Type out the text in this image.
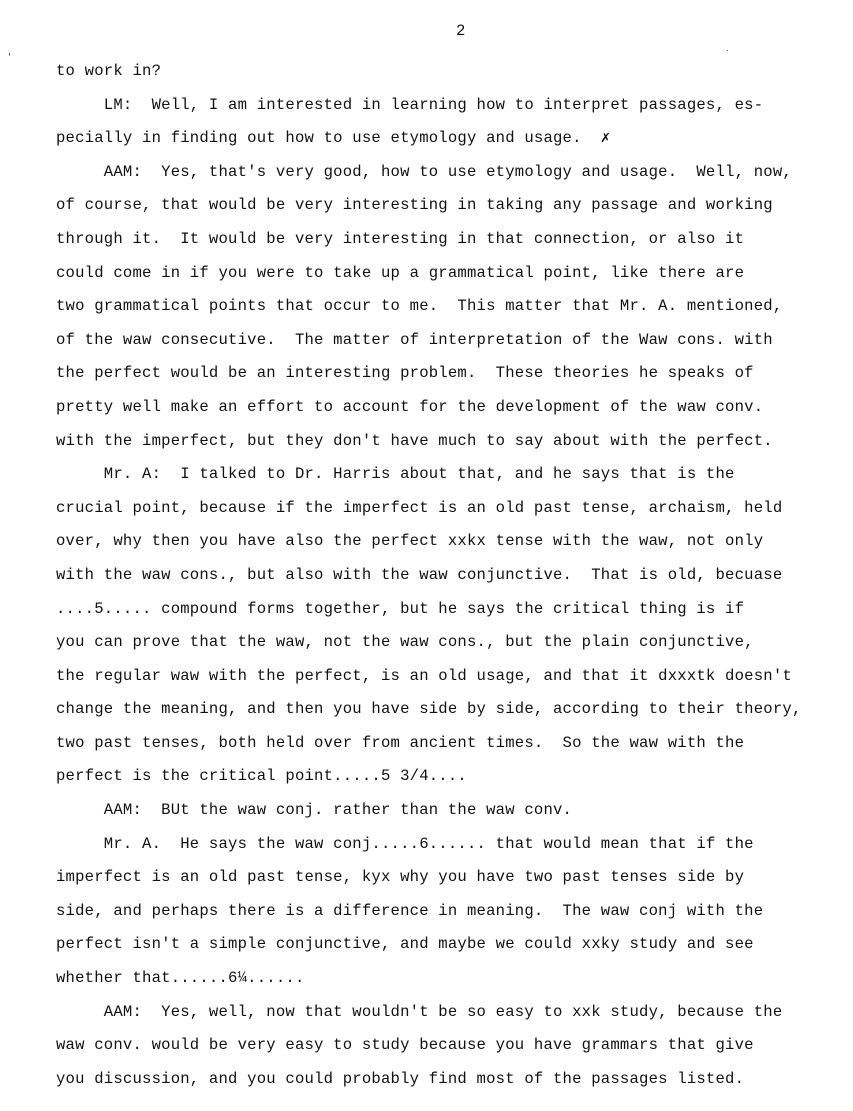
2
to work in?
LM:  Well, I am interested in learning how to interpret passages, es-
pecially in finding out how to use etymology and usage.  ✗
AAM:  Yes, that's very good, how to use etymology and usage.  Well, now,
of course, that would be very interesting in taking any passage and working
through it.  It would be very interesting in that connection, or also it
could come in if you were to take up a grammatical point, like there are
two grammatical points that occur to me.  This matter that Mr. A. mentioned,
of the waw consecutive.  The matter of interpretation of the Waw cons. with
the perfect would be an interesting problem.  These theories he speaks of
pretty well make an effort to account for the development of the waw conv.
with the imperfect, but they don't have much to say about with the perfect.
Mr. A:  I talked to Dr. Harris about that, and he says that is the
crucial point, because if the imperfect is an old past tense, archaism, held
over, why then you have also the perfect xxkx tense with the waw, not only
with the waw cons., but also with the waw conjunctive.  That is old, becuase
....5..... compound forms together, but he says the critical thing is if
you can prove that the waw, not the waw cons., but the plain conjunctive,
the regular waw with the perfect, is an old usage, and that it dxxxtk doesn't
change the meaning, and then you have side by side, according to their theory,
two past tenses, both held over from ancient times.  So the waw with the
perfect is the critical point.....5 3/4....
AAM:  BUt the waw conj. rather than the waw conv.
Mr. A.  He says the waw conj.....6...... that would mean that if the
imperfect is an old past tense, kyx why you have two past tenses side by
side, and perhaps there is a difference in meaning.  The waw conj with the
perfect isn't a simple conjunctive, and maybe we could xxky study and see
whether that......6¼......
AAM:  Yes, well, now that wouldn't be so easy to xxk study, because the
waw conv. would be very easy to study because you have grammars that give
you discussion, and you could probably find most of the passages listed.
'
.
